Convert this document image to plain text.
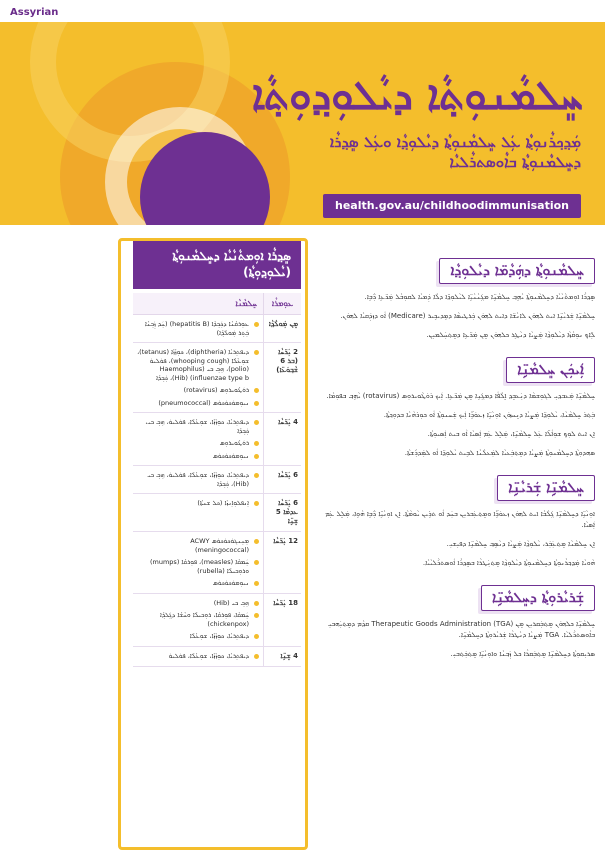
Assyrian
ܚܸܠܡܵܢܘܼܬ݂ܵܐ ܕܝܵܠܘܼܕ݂ܘܼܬ݂ܵܐ
ܡܲܕ݂ܟ݂ܪܵܢܘܼܬ݂ܵܐ ܥܲܠ ܚܸܠܡܵܢܘܼܬ݂ܵܐ ܕܝܵܠܘܼܕ݂ܵܐ ܘܥܲܠ ܣܸܕ݂ܪܵܐ ܕܚܸܠܡܵܢܘܼܬ݂ܵܐ ܒܐܵܘܣܬܪܵܠܝܵܐ
health.gov.au/childhoodimmunisation
ܣܸܕ݂ܪܵܐ ܐܘܼܡܬܵܢܵܝܵܐ ܕܚܸܠܡܵܢܘܼܬ݂ܵܐ (ܝܵܠܘܼܕ݂ܘܼܬ݂ܵܐ)
ܚܸܠܡܵܢܵܐ	ܥܘܼܡܪܵܐ
ܡܸܢ ܡܲܘܠܵܕ݂ܵܐ
ܥܘܼܪܩܵܢܵܐ ܕܟܲܒ݂ܕܵܐ (hepatitis B) (ܚܲܕ ܙܲܒ݂ܢܵܐ ܒܲܬ݂ܪ ܡܲܘܠܵܕ݂ܵܐ)
2 ܝܲܪ̈ܚܵܐ (ܒܪ 6 ܫܵܒ݂ܘܿܥ̈ܐ)
ܕܝܦܬܸܪܝܵܐ (diphtheria)، ܟܘܼܙܵܙܵܐ (tetanus)، ܫܘܼܥܵܠܵܐ (whooping cough)، ܦܘܿܠܝܘܿ (polio)، ܗܸܒ݂ ܒܝ (Haemophilus influenzae type b) (Hib)، ܟܲܒ݂ܕܵܐ
ܪܘܿܛܵܘܝܪܘܼܣ (rotavirus)
ܢܝܘܼܡܘܿܟܘܿܟܘܿܣ (pneumococcal)
4 ܝܲܪ̈ܚܵܐ
ܕܝܦܬܸܪܝܵܐ، ܟܘܼܙܵܙܵܐ، ܫܘܼܥܵܠܵܐ، ܦܘܿܠܝܘܿ، ܗܸܒ݂ ܒܝ، ܟܲܒ݂ܕܵܐ
ܪܘܿܛܵܘܝܪܘܼܣ
ܢܝܘܼܡܘܿܟܘܿܟܘܿܣ
6 ܝܲܪ̈ܚܵܐ
ܕܝܦܬܸܪܝܵܐ، ܟܘܼܙܵܙܵܐ، ܫܘܼܥܵܠܵܐ، ܦܘܿܠܝܘܿ، ܗܸܒ݂ ܒܝ (Hib)، ܟܲܒ݂ܕܵܐ
6 ܝܲܪ̈ܚܵܐ ܥܕܡܵܐ 5 ܫܸܢܹ̈ܐ
ܐܸܢܦܠܘܼܐܸܢܙܵܐ (ܟܠ ܫܢܬܵܐ)
12 ܝܲܪ̈ܚܵܐ
ܡܸܢܸܢܓܘܿܟܘܿܟܘܿܣ ACWY (meningococcal)
ܚܲܡܩܵܐ (measles)، ܦܘܼܪܩܵܐ (mumps) ܘܪܘܼܒܝܠܵܐ (rubella)
ܢܝܘܼܡܘܿܟܘܿܟܘܿܣ
18 ܝܲܪ̈ܚܵܐ
ܗܸܒ݂ ܒܝ (Hib)
ܚܲܡܩܵܐ، ܦܘܼܪܩܵܐ، ܪܘܼܒܝܠܵܐ ܘܚܵܫܵܐ ܕܓܲܠܕ݂ܵܐ (chickenpox)
ܕܝܦܬܸܪܝܵܐ، ܟܘܼܙܵܙܵܐ، ܫܘܼܥܵܠܵܐ
4 ܫܸܢܹ̈ܐ
ܕܝܦܬܸܪܝܵܐ، ܟܘܼܙܵܙܵܐ، ܫܘܼܥܵܠܵܐ، ܦܘܿܠܝܘܿ
ܚܸܠܡܵܢܘܼܬ݂ܵܐ ܕܗܲܕܵܡ̈ܐ ܕܝܵܠܘܼܕ݂ܵܐ

ܣܸܕ݂ܪܵܐ ܐܘܼܡܬܵܢܵܝܵܐ ܕܚܸܠܡܵܢܘܼܬ݂ܵܐ ܝܵܗܹܒ݂ ܚܸܠܡܵܢܹ̈ܐ ܡܓܲܢܵܢܵܝܹ̈ܐ ܠܝܵܠܘܼܕ݂̈ܐ ܕܠܵܐ ܕܲܡܝܵܐ ܠܩܘܼܒܵܠ ܡܲܪ̈ܥܹܐ ܪ̈ܲܒܹܐ.

ܚܸܠܡܵܢܹ̈ܐ ܫܲܪܝܵܢܹ̈ܐ ܐܝܬ ܠܗܘܿܢ ܠܐܢܵܫ̈ܐ ܕܐܝܬ ܠܗܘܿܢ ܟܲܪܛܝܣܵܐ ܕܡܹܕܝܟܹܝܪ (Medicare) ܐܵܘ ܕܙܕܲܩܝܵܐ ܠܗܘܿܢ.

ܠܲܐܟ݂ ܢܘܼܩܵܙܵܐ ܕܝܵܠܘܼܕ݂ܵܐ ܡܲܨܝܵܐ ܕܢܵܛܹܪ ܟܠܗܘܿܢ ܡܸܢ ܡܲܪ̈ܥܹܐ ܕܡܸܬ݂ܚܲܠܡܝܼܢ.

ܐܲܝܟܲܢ ܚܸܠܡܵܢܹ̈ܐ

ܚܸܠܡܵܢܹ̈ܐ ܡܲܥܒܕ݂ܝܼ ܠܓܘܼܫܡܵܐ ܕܢܲܥܒܸܕ݂ ܐܸܠܵܦܵܐ ܕܡܓܲܢܹܐ ܡܸܢ ܡܲܪ̈ܥܹܐ. ܐܲܝܟ ܪܘܿܛܵܘܝܪܘܼܣ (rotavirus) ܝܵܗܹܒ݂ ܒܦܘܼܡܵܐ.

ܒܲܬ݂ܪ ܚܸܠܡܵܢܵܐ، ܝܵܠܘܼܕ݂̈ܐ ܡܲܨܝܵܐ ܕܢܸܚܙܘܿܢ ܐܘܼܢܵܝܹ̈ܐ ܙܥܘܿܪܹ̈ܐ ܐܲܝܟ ܫܲܚܢܘܼܬ݂ܵܐ ܐܵܘ ܟܘܼܪܗܵܢܵܐ ܒܕܘܼܟ݂ܬ݂ܵܐ.

ܐܸܢ ܐܝܬ ܠܘܼܟ݂ ܫܘܼܐܵܠ̈ܐ ܥܲܠ ܚܸܠܡܵܢܹ̈ܐ، ܡܲܠܸܠ ܥܲܡ ܐܲܣܝܵܐ ܐܵܘ ܒܝܬ ܐܲܣܝܘܼܬ݂ܵܐ.

ܣܗܕܘܼܬ݂ܵܐ ܕܚܸܠܡܵܢܘܼܬ݂ܵܐ ܡܲܨܝܵܐ ܕܡܸܬ݂ܒܲܥܝܵܐ ܠܡܲܥܠܵܢܵܐ ܠܒܹܝܬ ܝܵܠܘܼܕ݂̈ܐ ܐܵܘ ܠܡܲܕܪܲܫܬܵܐ.

ܚܸܠܡܵܢܹ̈ܐ ܫܲܪܝܵܢܹ̈ܐ

ܐܘܼܢܵܝܹ̈ܐ ܕܚܸܠܡܵܢܹ̈ܐ ܓܲܠܵܒܵܐ ܐܝܬ ܠܗܘܿܢ ܙܥܘܿܪܹ̈ܐ ܘܡܸܬ݂ܥܲܒܪܝܼܢ ܒܚܲܕ ܐܵܘ ܬܪܹܝܢ ܝܵܘܡܵܬ݂ܵܐ. ܐܸܢ ܐܘܼܢܵܝܹ̈ܐ ܪ̈ܲܒܹܐ ܗܵܘܹܐ، ܡܲܠܸܠ ܥܲܡ ܐܲܣܝܵܐ.

ܐܸܢ ܚܸܠܡܵܢܵܐ ܡܸܬ݂ܥܲܒܲܪ، ܝܵܠܘܼܕ݂ܵܐ ܡܲܨܝܵܐ ܕܢܵܣܹܒ݂ ܚܸܠܡܵܢܹ̈ܐ ܕܦܝܼܫܝܼ.

ܗܵܘܝܵܐ ܡܲܕ݂ܟ݂ܪܵܢܘܼܬ݂ܵܐ ܕܚܸܠܡܵܢܘܼܬ݂ܵܐ ܕܝܵܠܘܼܕ݂ܵܐ ܡܸܬ݂ܢܲܛܪܵܐ ܒܣܸܕ݂ܪܵܐ ܐܵܘܣܬܪܵܠܝܵܝܵܐ.

ܫܲܪܝܵܪܘܼܬ݂ܵܐ ܕܚܸܠܡܵܢܹ̈ܐ

ܚܸܠܡܵܢܹ̈ܐ ܟܠܗܘܿܢ ܡܸܬ݂ܒܲܩܪܝܼܢ ܡܸܢ Therapeutic Goods Administration (TGA) ܩܕ݂ܵܡ ܕܡܸܬ݂ܝܲܗܒܝܼ ܒܐܵܘܣܬܪܵܠܝܵܐ. TGA ܡܲܨܝܵܐ ܕܢܵܛܪܵܐ ܫܲܪܝܵܪܘܼܬ݂ܵܐ ܕܚܸܠܡܵܢܹ̈ܐ.

ܣܪܝܼܩܘܼܬ݂ܵܐ ܕܚܸܠܡܵܢܹ̈ܐ ܡܸܬ݂ܒܲܩܪܵܐ ܟܠ ܙܲܒ݂ܢܵܐ ܘܐܘܼܢܵܝܹ̈ܐ ܡܸܬ݂ܟܲܬ݂ܒܝܼ.
